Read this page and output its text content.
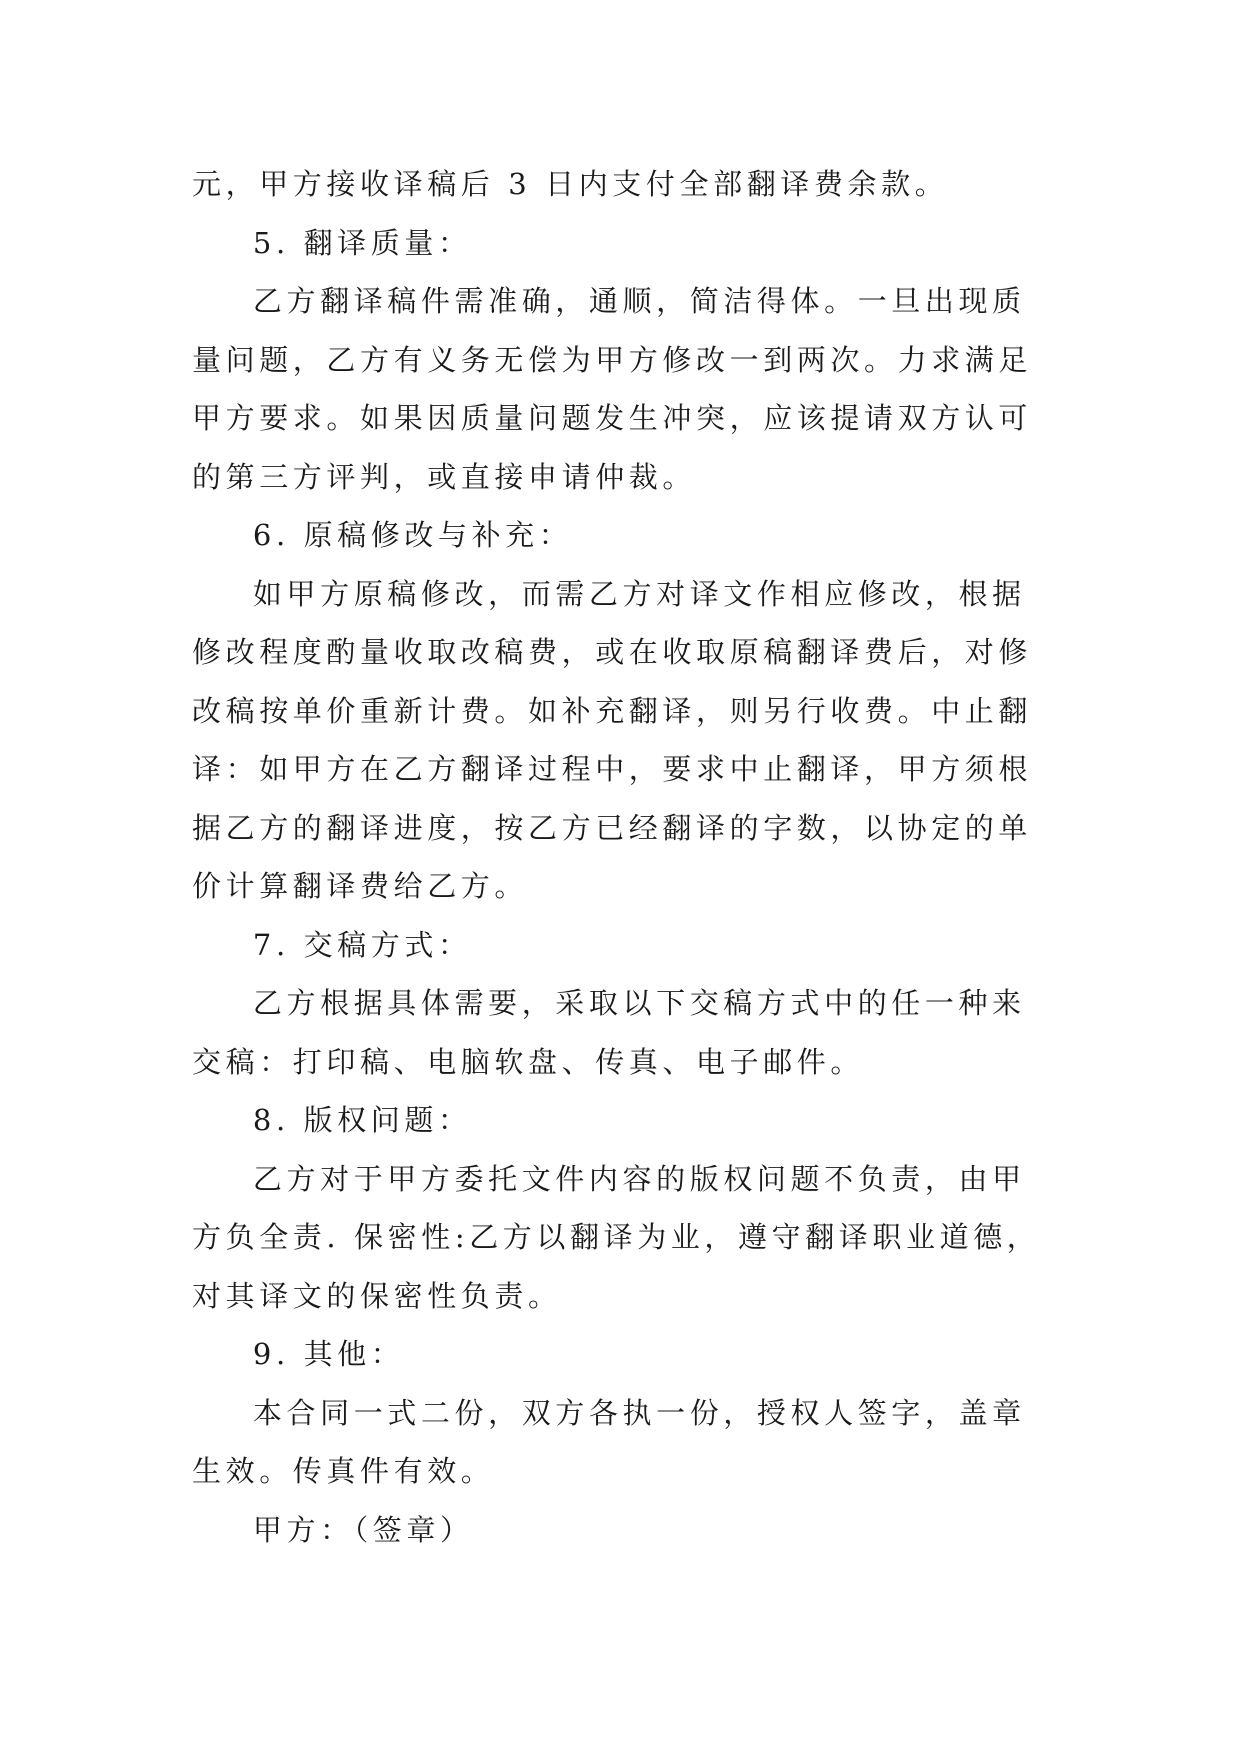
元，甲方接收译稿后 3 日内支付全部翻译费余款。

5. 翻译质量：

乙方翻译稿件需准确，通顺，简洁得体。一旦出现质量问题，乙方有义务无偿为甲方修改一到两次。力求满足甲方要求。如果因质量问题发生冲突，应该提请双方认可的第三方评判，或直接申请仲裁。

6. 原稿修改与补充：

如甲方原稿修改，而需乙方对译文作相应修改，根据修改程度酌量收取改稿费，或在收取原稿翻译费后，对修改稿按单价重新计费。如补充翻译，则另行收费。中止翻译：如甲方在乙方翻译过程中，要求中止翻译，甲方须根据乙方的翻译进度，按乙方已经翻译的字数，以协定的单价计算翻译费给乙方。

7. 交稿方式：

乙方根据具体需要，采取以下交稿方式中的任一种来交稿：打印稿、电脑软盘、传真、电子邮件。

8. 版权问题：

乙方对于甲方委托文件内容的版权问题不负责，由甲方负全责. 保密性:乙方以翻译为业，遵守翻译职业道德，对其译文的保密性负责。

9. 其他：

本合同一式二份，双方各执一份，授权人签字，盖章生效。传真件有效。

甲方：（签章）
